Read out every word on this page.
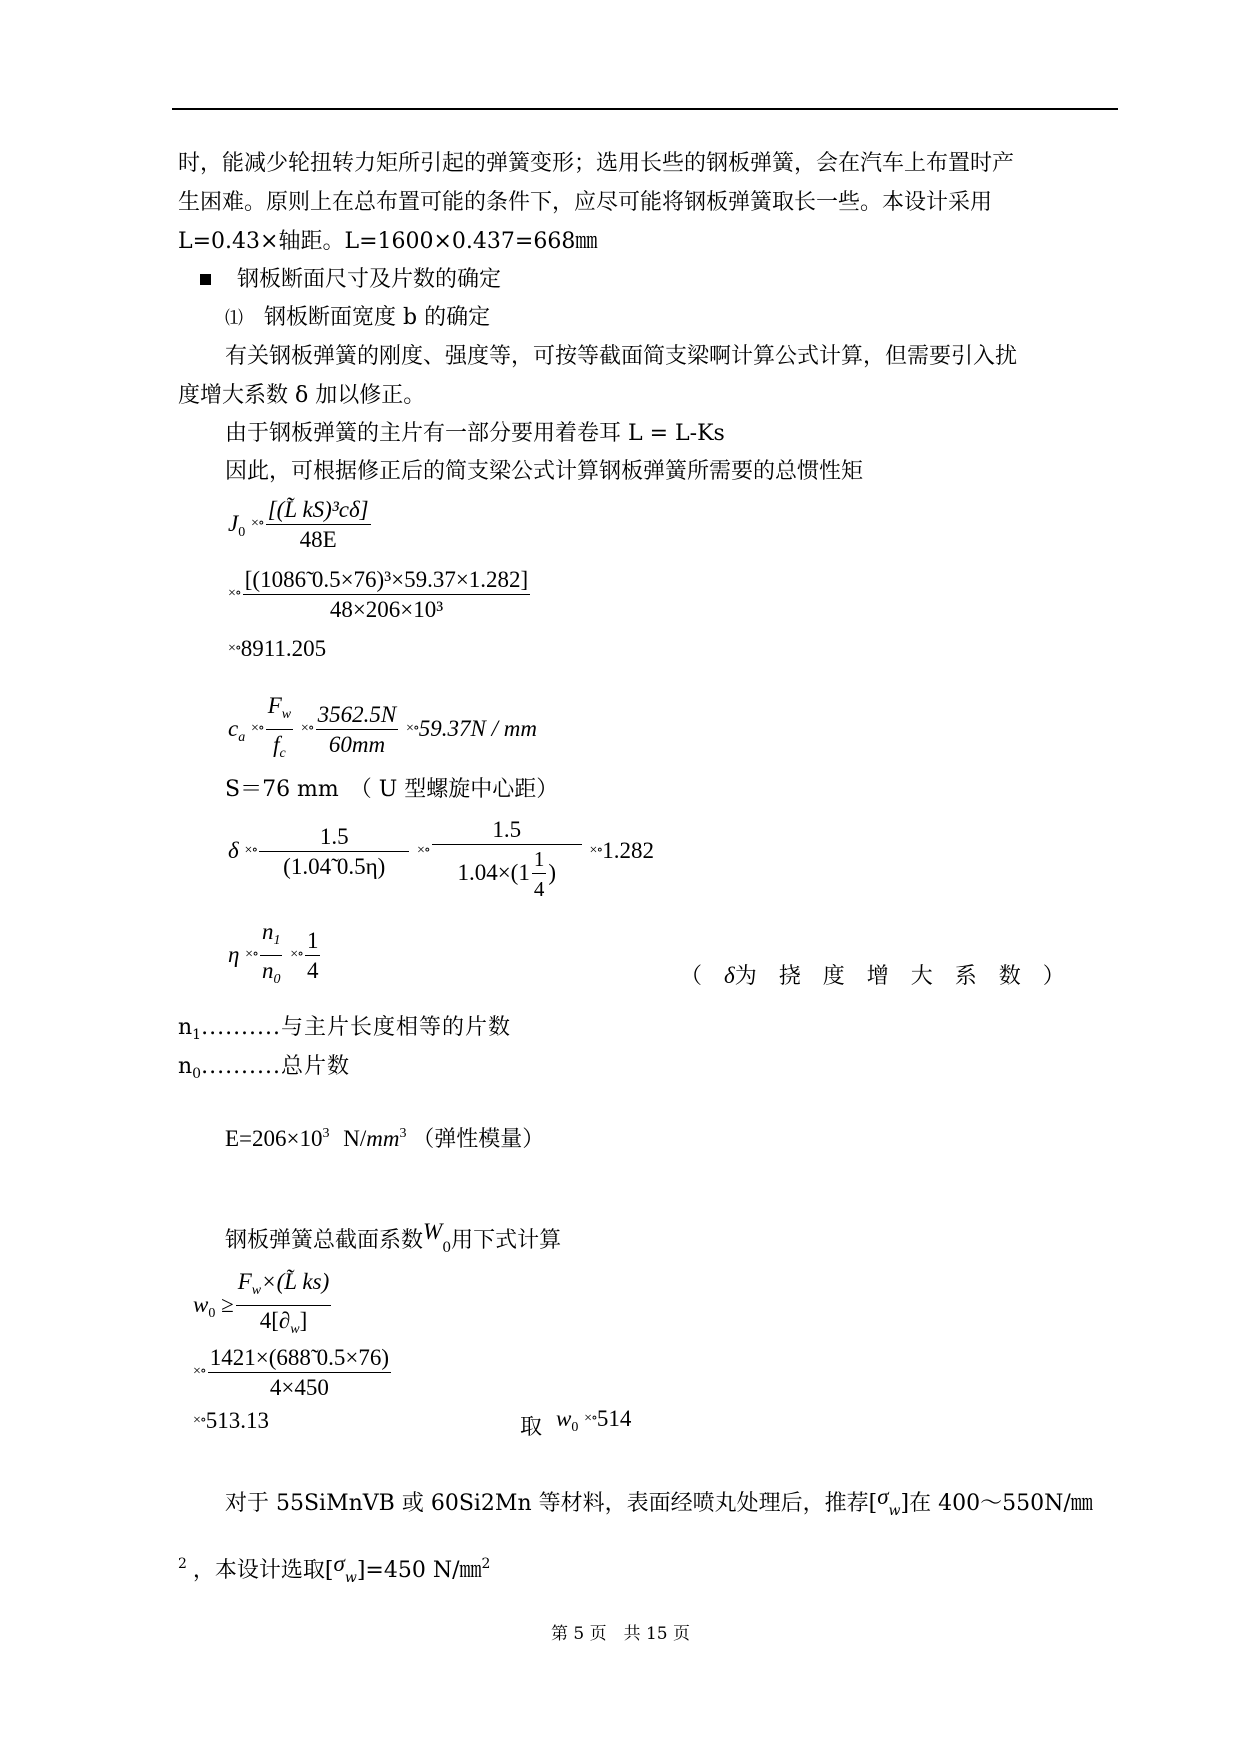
时，能减少轮扭转力矩所引起的弹簧变形；选用长些的钢板弹簧，会在汽车上布置时产
生困难。原则上在总布置可能的条件下，应尽可能将钢板弹簧取长一些。本设计采用
L=0.43×轴距。L=1600×0.437=668㎜
钢板断面尺寸及片数的确定
⑴ 钢板断面宽度 b 的确定
有关钢板弹簧的刚度、强度等，可按等截面简支梁啊计算公式计算，但需要引入扰
度增大系数 δ 加以修正。
由于钢板弹簧的主片有一部分要用着卷耳 L = L-Ks
因此，可根据修正后的简支梁公式计算钢板弹簧所需要的总惯性矩
$J_0$ ×∘ $\frac{\text{[(L̃ kS)³cδ]}}{48E}$
×∘ $\frac{\text{[(1086̃ 0.5×76)³×59.37×1.282]}}{\text{48×206×10³}}$
×∘8911.205
$c_a$ ×∘ $\frac{F_w}{f_c}$ ×∘ $\frac{3562.5N}{60mm}$ ×∘59.37N / mm
S＝76 mm　（ U 型螺旋中心距）
δ ×∘ $\frac{1.5}{(1.04̃ 0.5\eta)}$ ×∘ $\frac{1.5}{1.04\times(1 \frac{1}{4} )}$ ×∘1.282
η ×∘ $\frac{n_1}{n_0}$ ×∘ $\frac{1}{4}$	（ δ为挠度增大系数）
$n_1$..........与主片长度相等的片数
$n_0$..........总片数
$E=206\times 10^3$ $N/mm^3$ （弹性模量）
钢板弹簧总截面系数$W_0$用下式计算
$w_0 \ge \frac{F_w\times(L̃ ks)}{4[\partial_w]}$
×∘ $\frac{1421\times(688̃ 0.5\times 76)}{4\times 450}$
×∘513.13	取 $w_0$ ×∘514
对于 55SiMnVB 或 60Si2Mn 等材料，表面经喷丸处理后，推荐$[\sigma_w]$在 400～550N/㎜
$^2$ ，本设计选取$[\sigma_w]=450$ N/㎜$^2$
第 5 页　共 15 页
